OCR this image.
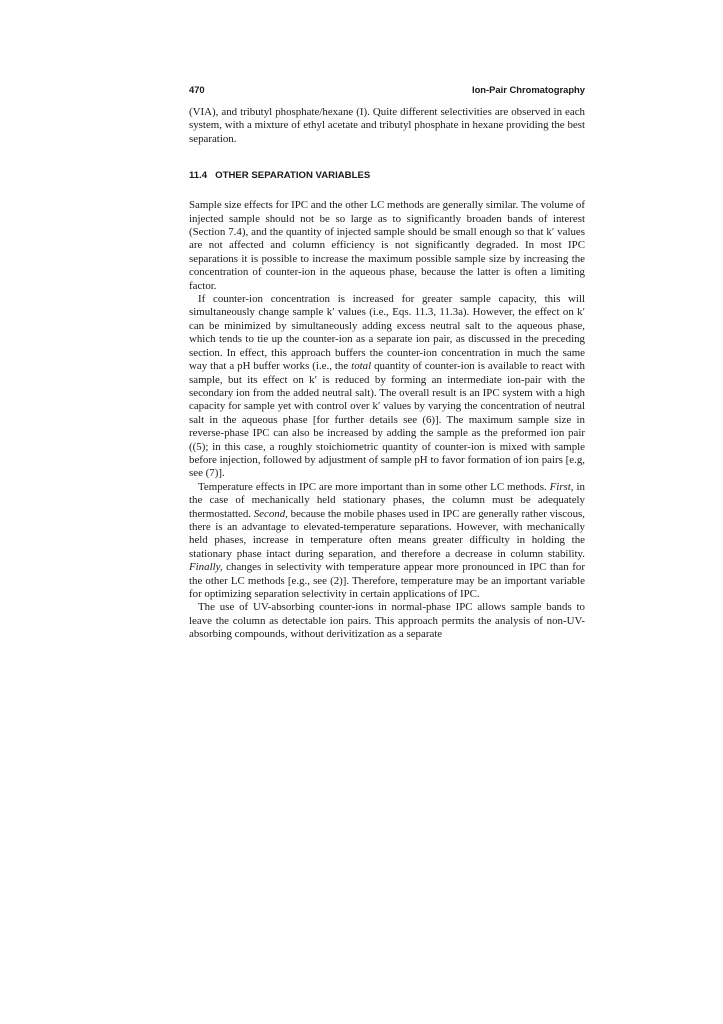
470	Ion-Pair Chromatography

(VIA), and tributyl phosphate/hexane (I). Quite different selectivities are observed in each system, with a mixture of ethyl acetate and tributyl phosphate in hexane providing the best separation.

11.4 OTHER SEPARATION VARIABLES

Sample size effects for IPC and the other LC methods are generally similar. The volume of injected sample should not be so large as to significantly broaden bands of interest (Section 7.4), and the quantity of injected sample should be small enough so that k′ values are not affected and column efficiency is not significantly degraded. In most IPC separations it is possible to increase the maximum possible sample size by increasing the concentration of counter-ion in the aqueous phase, because the latter is often a limiting factor.

If counter-ion concentration is increased for greater sample capacity, this will simultaneously change sample k′ values (i.e., Eqs. 11.3, 11.3a). However, the effect on k′ can be minimized by simultaneously adding excess neutral salt to the aqueous phase, which tends to tie up the counter-ion as a separate ion pair, as discussed in the preceding section. In effect, this approach buffers the counter-ion concentration in much the same way that a pH buffer works (i.e., the total quantity of counter-ion is available to react with sample, but its effect on k′ is reduced by forming an intermediate ion-pair with the secondary ion from the added neutral salt). The overall result is an IPC system with a high capacity for sample yet with control over k′ values by varying the concentration of neutral salt in the aqueous phase [for further details see (6)]. The maximum sample size in reverse-phase IPC can also be increased by adding the sample as the preformed ion pair ((5); in this case, a roughly stoichiometric quantity of counter-ion is mixed with sample before injection, followed by adjustment of sample pH to favor formation of ion pairs [e.g, see (7)].

Temperature effects in IPC are more important than in some other LC methods. First, in the case of mechanically held stationary phases, the column must be adequately thermostatted. Second, because the mobile phases used in IPC are generally rather viscous, there is an advantage to elevated-temperature separations. However, with mechanically held phases, increase in temperature often means greater difficulty in holding the stationary phase intact during separation, and therefore a decrease in column stability. Finally, changes in selectivity with temperature appear more pronounced in IPC than for the other LC methods [e.g., see (2)]. Therefore, temperature may be an important variable for optimizing separation selectivity in certain applications of IPC.

The use of UV-absorbing counter-ions in normal-phase IPC allows sample bands to leave the column as detectable ion pairs. This approach permits the analysis of non-UV-absorbing compounds, without derivitization as a separate
